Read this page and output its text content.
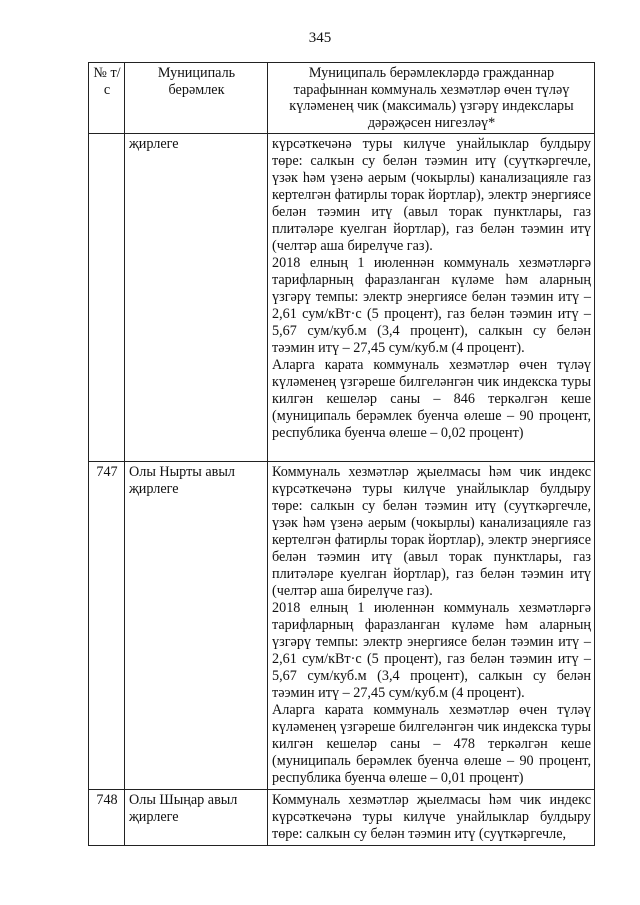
345
№ т/с	Муниципаль берәмлек	Муниципаль берәмлекләрдә гражданнар тарафыннан коммуналь хезмәтләр өчен түләү күләменең чик (максималь) үзгәрү индекслары дәрәҗәсен нигезләү*
	җирлеге	күрсәткечәнә туры килүче унайлыклар булдыру төре: салкын су белән тәэмин итү (суүткәргечле, үзәк һәм үзенә аерым (чокырлы) канализацияле газ кертелгән фатирлы торак йортлар), электр энергиясе белән тәэмин итү (авыл торак пунктлары, газ плитәләре куелган йортлар), газ белән тәэмин итү (челтәр аша бирелүче газ).

2018 елның 1 июленнән коммуналь хезмәтләргә тарифларның фаразланган күләме һәм аларның үзгәрү темпы: электр энергиясе белән тәэмин итү – 2,61 сум/кВт·с (5 процент), газ белән тәэмин итү – 5,67 сум/куб.м (3,4 процент), салкын су белән тәэмин итү – 27,45 сум/куб.м (4 процент).

Аларга карата коммуналь хезмәтләр өчен түләү күләменең үзгәреше билгеләнгән чик индекска туры килгән кешеләр саны – 846 теркәлгән кеше (муниципаль берәмлек буенча өлеше – 90 процент, республика буенча өлеше – 0,02 процент)

747	Олы Нырты авыл җирлеге	Коммуналь хезмәтләр җыелмасы һәм чик индекс күрсәткечәнә туры килүче унайлыклар булдыру төре: салкын су белән тәэмин итү (суүткәргечле, үзәк һәм үзенә аерым (чокырлы) канализацияле газ кертелгән фатирлы торак йортлар), электр энергиясе белән тәэмин итү (авыл торак пунктлары, газ плитәләре куелган йортлар), газ белән тәэмин итү (челтәр аша бирелүче газ).

2018 елның 1 июленнән коммуналь хезмәтләргә тарифларның фаразланган күләме һәм аларның үзгәрү темпы: электр энергиясе белән тәэмин итү – 2,61 сум/кВт·с (5 процент), газ белән тәэмин итү – 5,67 сум/куб.м (3,4 процент), салкын су белән тәэмин итү – 27,45 сум/куб.м (4 процент).

Аларга карата коммуналь хезмәтләр өчен түләү күләменең үзгәреше билгеләнгән чик индекска туры килгән кешеләр саны – 478 теркәлгән кеше (муниципаль берәмлек буенча өлеше – 90 процент, республика буенча өлеше – 0,01 процент)

748	Олы Шыңар авыл җирлеге	Коммуналь хезмәтләр җыелмасы һәм чик индекс күрсәткечәнә туры килүче унайлыклар булдыру төре: салкын су белән тәэмин итү (суүткәргечле,
